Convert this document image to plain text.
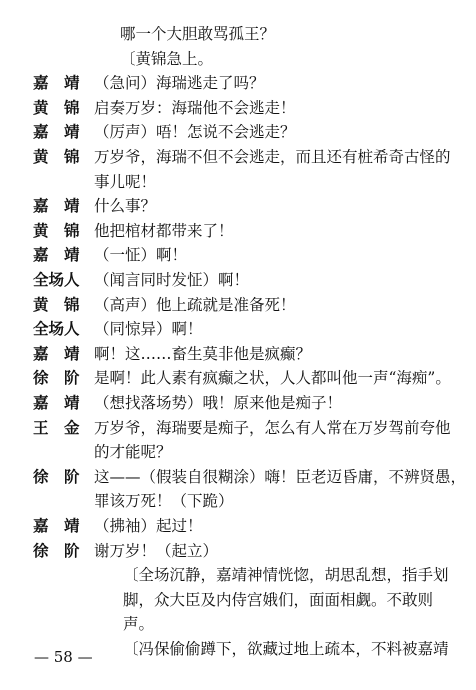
哪一个大胆敢骂孤王？
〔黄锦急上。
嘉　靖 （急问）海瑞逃走了吗？
黄　锦 启奏万岁：海瑞他不会逃走！
嘉　靖 （厉声）唔！怎说不会逃走？
黄　锦 万岁爷，海瑞不但不会逃走，而且还有桩希奇古怪的
事儿呢！
嘉　靖 什么事？
黄　锦 他把棺材都带来了！
嘉　靖 （一怔）啊！
全场人 （闻言同时发怔）啊！
黄　锦 （高声）他上疏就是准备死！
全场人 （同惊异）啊！
嘉　靖 啊！这……畜生莫非他是疯癫？
徐　阶 是啊！此人素有疯癫之状，人人都叫他一声“海痴”。
嘉　靖 （想找落场势）哦！原来他是痴子！
王　金 万岁爷，海瑞要是痴子，怎么有人常在万岁驾前夸他
的才能呢？
徐　阶 这——（假装自很糊涂）嗨！臣老迈昏庸，不辨贤愚，
罪该万死！（下跪）
嘉　靖 （拂袖）起过！
徐　阶 谢万岁！（起立）
〔全场沉静，嘉靖神情恍惚，胡思乱想，指手划
脚，众大臣及内侍宫娥们，面面相觑。不敢则
声。
〔冯保偷偷蹲下，欲藏过地上疏本，不料被嘉靖
— 58 —
